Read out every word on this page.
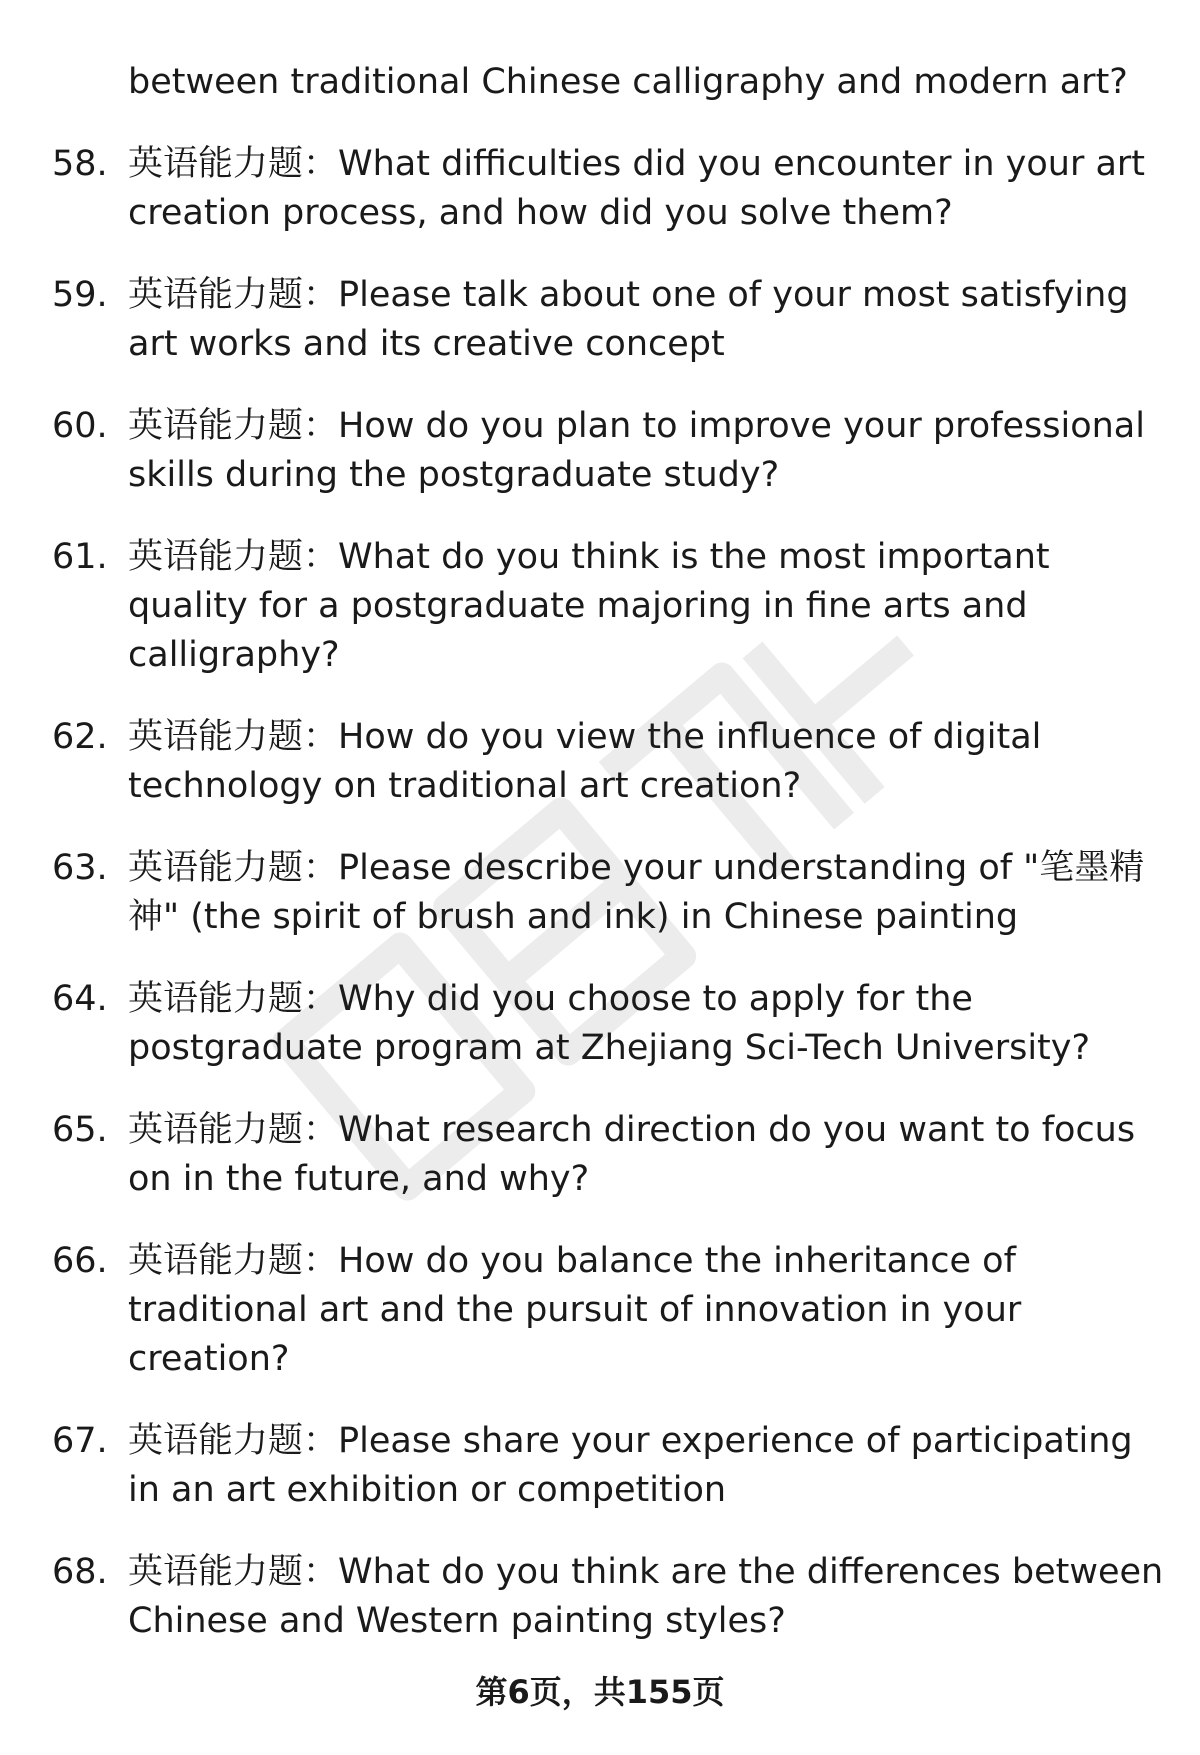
between traditional Chinese calligraphy and modern art?
58. 英语能力题：What difficulties did you encounter in your art creation process, and how did you solve them?
59. 英语能力题：Please talk about one of your most satisfying art works and its creative concept
60. 英语能力题：How do you plan to improve your professional skills during the postgraduate study?
61. 英语能力题：What do you think is the most important quality for a postgraduate majoring in fine arts and calligraphy?
62. 英语能力题：How do you view the influence of digital technology on traditional art creation?
63. 英语能力题：Please describe your understanding of "笔墨精神" (the spirit of brush and ink) in Chinese painting
64. 英语能力题：Why did you choose to apply for the postgraduate program at Zhejiang Sci-Tech University?
65. 英语能力题：What research direction do you want to focus on in the future, and why?
66. 英语能力题：How do you balance the inheritance of traditional art and the pursuit of innovation in your creation?
67. 英语能力题：Please share your experience of participating in an art exhibition or competition
68. 英语能力题：What do you think are the differences between Chinese and Western painting styles?
第6页，共155页
